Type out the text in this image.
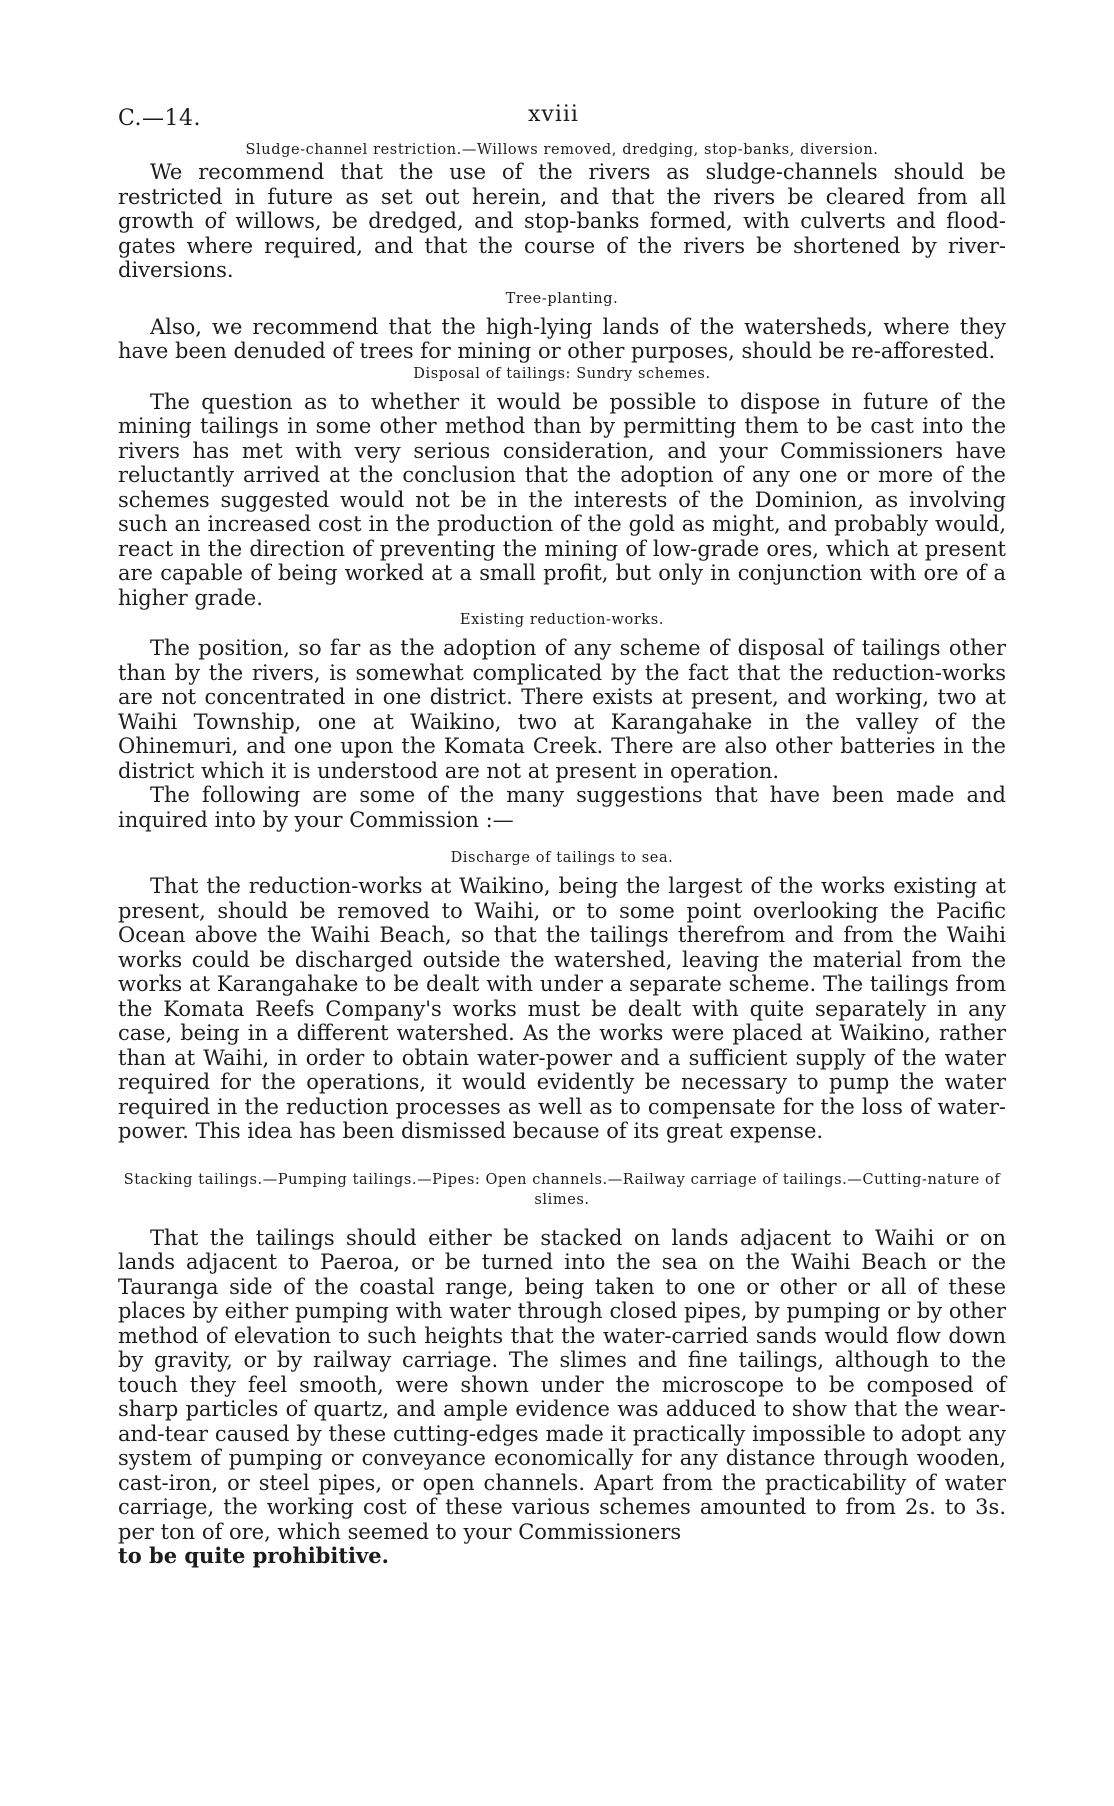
C.—14.	xviii

Sludge-channel restriction.—Willows removed, dredging, stop-banks, diversion.

We recommend that the use of the rivers as sludge-channels should be restricted in future as set out herein, and that the rivers be cleared from all growth of willows, be dredged, and stop-banks formed, with culverts and flood-gates where required, and that the course of the rivers be shortened by river-diversions.

Tree-planting.

Also, we recommend that the high-lying lands of the watersheds, where they have been denuded of trees for mining or other purposes, should be re-afforested.

Disposal of tailings: Sundry schemes.

The question as to whether it would be possible to dispose in future of the mining tailings in some other method than by permitting them to be cast into the rivers has met with very serious consideration, and your Commissioners have reluctantly arrived at the conclusion that the adoption of any one or more of the schemes suggested would not be in the interests of the Dominion, as involving such an increased cost in the production of the gold as might, and probably would, react in the direction of preventing the mining of low-grade ores, which at present are capable of being worked at a small profit, but only in conjunction with ore of a higher grade.

Existing reduction-works.

The position, so far as the adoption of any scheme of disposal of tailings other than by the rivers, is somewhat complicated by the fact that the reduction-works are not concentrated in one district. There exists at present, and working, two at Waihi Township, one at Waikino, two at Karangahake in the valley of the Ohinemuri, and one upon the Komata Creek. There are also other batteries in the district which it is understood are not at present in operation.

The following are some of the many suggestions that have been made and inquired into by your Commission :—

Discharge of tailings to sea.

That the reduction-works at Waikino, being the largest of the works existing at present, should be removed to Waihi, or to some point overlooking the Pacific Ocean above the Waihi Beach, so that the tailings therefrom and from the Waihi works could be discharged outside the watershed, leaving the material from the works at Karangahake to be dealt with under a separate scheme. The tailings from the Komata Reefs Company's works must be dealt with quite separately in any case, being in a different watershed. As the works were placed at Waikino, rather than at Waihi, in order to obtain water-power and a sufficient supply of the water required for the operations, it would evidently be necessary to pump the water required in the reduction processes as well as to compensate for the loss of water-power. This idea has been dismissed because of its great expense.

Stacking tailings.—Pumping tailings.—Pipes: Open channels.—Railway carriage of tailings.—Cutting-nature of slimes.

That the tailings should either be stacked on lands adjacent to Waihi or on lands adjacent to Paeroa, or be turned into the sea on the Waihi Beach or the Tauranga side of the coastal range, being taken to one or other or all of these places by either pumping with water through closed pipes, by pumping or by other method of elevation to such heights that the water-carried sands would flow down by gravity, or by railway carriage. The slimes and fine tailings, although to the touch they feel smooth, were shown under the microscope to be composed of sharp particles of quartz, and ample evidence was adduced to show that the wear-and-tear caused by these cutting-edges made it practically impossible to adopt any system of pumping or conveyance economically for any distance through wooden, cast-iron, or steel pipes, or open channels. Apart from the practicability of water carriage, the working cost of these various schemes amounted to from 2s. to 3s. per ton of ore, which seemed to your Commissioners

to be quite prohibitive.
